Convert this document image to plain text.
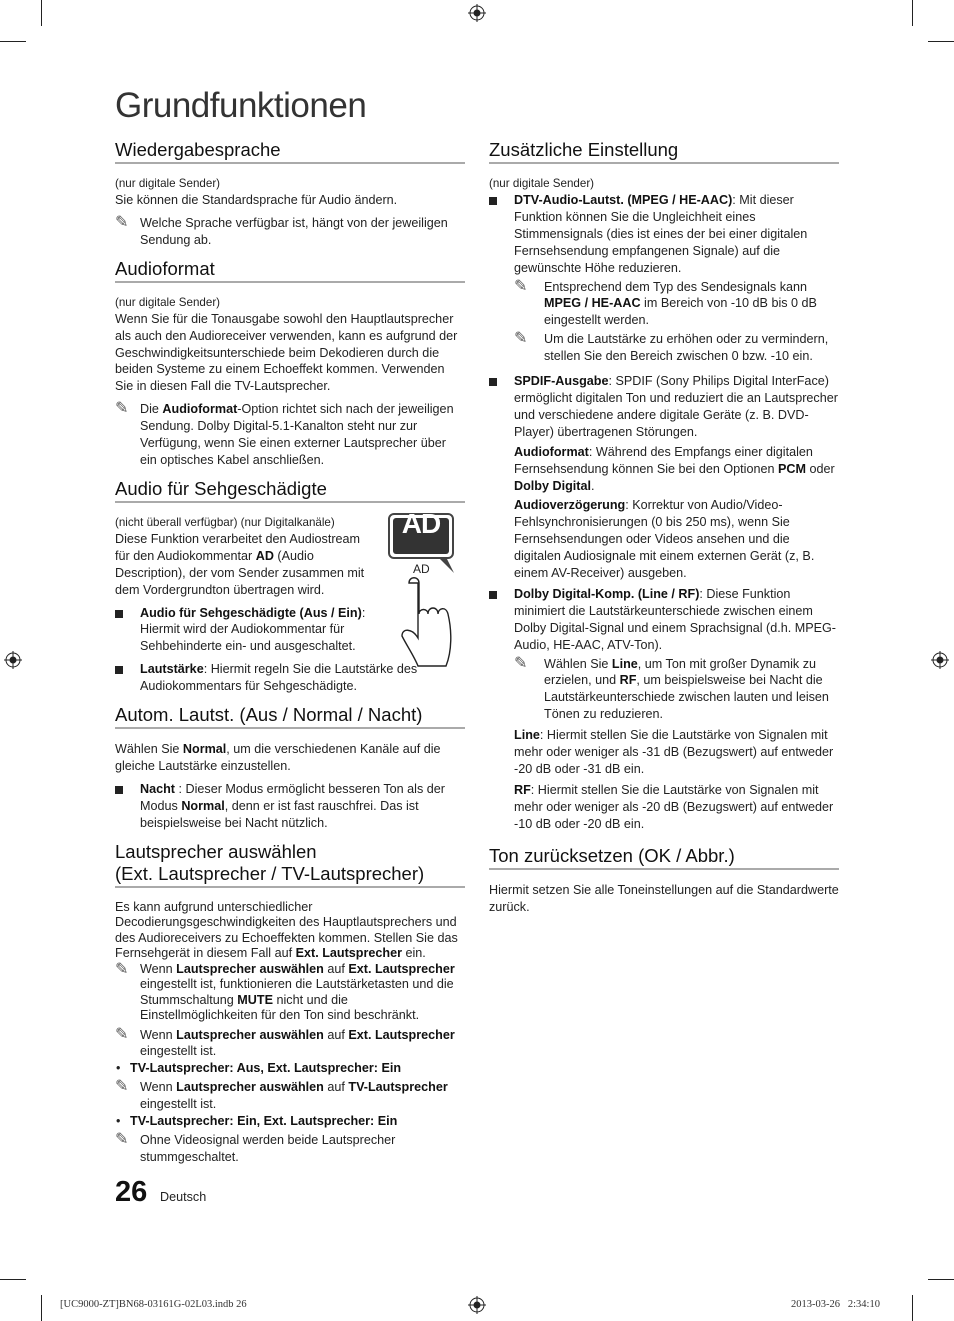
Grundfunktionen
Wiedergabesprache

(nur digitale Sender)

Sie können die Standardsprache für Audio ändern.

✎ Welche Sprache verfügbar ist, hängt von der jeweiligen Sendung ab.
Audioformat

(nur digitale Sender)

Wenn Sie für die Tonausgabe sowohl den Hauptlautsprecher als auch den Audioreceiver verwenden, kann es aufgrund der Geschwindigkeitsunterschiede beim Dekodieren durch die beiden Systeme zu einem Echoeffekt kommen. Verwenden Sie in diesen Fall die TV-Lautsprecher.

✎ Die Audioformat-Option richtet sich nach der jeweiligen Sendung. Dolby Digital-5.1-Kanalton steht nur zur Verfügung, wenn Sie einen externer Lautsprecher über ein optisches Kabel anschließen.
Audio für Sehgeschädigte

(nicht überall verfügbar) (nur Digitalkanäle)

Diese Funktion verarbeitet den Audiostream für den Audiokommentar AD (Audio Description), der vom Sender zusammen mit dem Vordergrundton übertragen wird.

Audio für Sehgeschädigte (Aus / Ein): Hiermit wird der Audiokommentar für Sehbehinderte ein- und ausgeschaltet.
AD
AD
Lautstärke: Hiermit regeln Sie die Lautstärke des Audiokommentars für Sehgeschädigte.
Autom. Lautst. (Aus / Normal / Nacht)

Wählen Sie Normal, um die verschiedenen Kanäle auf die gleiche Lautstärke einzustellen.

Nacht : Dieser Modus ermöglicht besseren Ton als der Modus Normal, denn er ist fast rauschfrei. Das ist beispielsweise bei Nacht nützlich.
Lautsprecher auswählen
(Ext. Lautsprecher / TV-Lautsprecher)

Es kann aufgrund unterschiedlicher Decodierungsgeschwindigkeiten des Hauptlautsprechers und des Audioreceivers zu Echoeffekten kommen. Stellen Sie das Fernsehgerät in diesem Fall auf Ext. Lautsprecher ein.

✎ Wenn Lautsprecher auswählen auf Ext. Lautsprecher eingestellt ist, funktionieren die Lautstärketasten und die Stummschaltung MUTE nicht und die Einstellmöglichkeiten für den Ton sind beschränkt.
✎ Wenn Lautsprecher auswählen auf Ext. Lautsprecher eingestellt ist.
• TV-Lautsprecher: Aus, Ext. Lautsprecher: Ein
✎ Wenn Lautsprecher auswählen auf TV-Lautsprecher eingestellt ist.
• TV-Lautsprecher: Ein, Ext. Lautsprecher: Ein
✎ Ohne Videosignal werden beide Lautsprecher stummgeschaltet.
Zusätzliche Einstellung

(nur digitale Sender)

DTV-Audio-Lautst. (MPEG / HE-AAC): Mit dieser Funktion können Sie die Ungleichheit eines Stimmensignals (dies ist eines der bei einer digitalen Fernsehsendung empfangenen Signale) auf die gewünschte Höhe reduzieren.
✎ Entsprechend dem Typ des Sendesignals kann MPEG / HE-AAC im Bereich von -10 dB bis 0 dB eingestellt werden.
✎ Um die Lautstärke zu erhöhen oder zu vermindern, stellen Sie den Bereich zwischen 0 bzw. -10 ein.
SPDIF-Ausgabe: SPDIF (Sony Philips Digital InterFace) ermöglicht digitalen Ton und reduziert die an Lautsprecher und verschiedene andere digitale Geräte (z. B. DVD-Player) übertragenen Störungen.

Audioformat: Während des Empfangs einer digitalen Fernsehsendung können Sie bei den Optionen PCM oder Dolby Digital.

Audioverzögerung: Korrektur von Audio/Video-Fehlsynchronisierungen (0 bis 250 ms), wenn Sie Fernsehsendungen oder Videos ansehen und die digitalen Audiosignale mit einem externen Gerät (z, B. einem AV-Receiver) ausgeben.

Dolby Digital-Komp. (Line / RF): Diese Funktion minimiert die Lautstärkeunterschiede zwischen einem Dolby Digital-Signal und einem Sprachsignal (d.h. MPEG-Audio, HE-AAC, ATV-Ton).
✎ Wählen Sie Line, um Ton mit großer Dynamik zu erzielen, und RF, um beispielsweise bei Nacht die Lautstärkeunterschiede zwischen lauten und leisen Tönen zu reduzieren.

Line: Hiermit stellen Sie die Lautstärke von Signalen mit mehr oder weniger als -31 dB (Bezugswert) auf entweder -20 dB oder -31 dB ein.

RF: Hiermit stellen Sie die Lautstärke von Signalen mit mehr oder weniger als -20 dB (Bezugswert) auf entweder -10 dB oder -20 dB ein.

Ton zurücksetzen (OK / Abbr.)

Hiermit setzen Sie alle Toneinstellungen auf die Standardwerte zurück.

26 Deutsch
[UC9000-ZT]BN68-03161G-02L03.indb 26	2013-03-26   2:34:10
